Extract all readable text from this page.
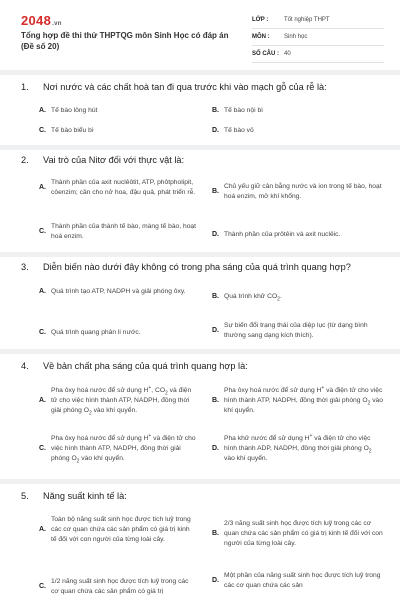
2048.vn
Tổng hợp đề thi thử THPTQG môn Sinh Học có đáp án (Đề số 20)
LỚP :	Tốt nghiệp THPT
MÔN :	Sinh học
SỐ CÂU : 40
1. Nơi nước và các chất hoà tan đi qua trước khi vào mạch gỗ của rễ là:
A. Tế bào lông hút	B. Tế bào nội bì
C. Tế bào biểu bì	D. Tế bào vỏ
2. Vai trò của Nitơ đối với thực vật là:
A.
Thành phần của axit nuclêôtit, ATP, phôtpholipit, côenzim; cần cho nở hoa, đậu quả, phát triển rễ. B.
Chủ yếu giữ cân bằng nước và ion trong tế bào, hoạt hoá enzim, mở khí khổng.
C.
Thành phần của thành tế bào, màng tế bào, hoạt hoá enzim.	D. Thành phần của prôtêin và axit nuclêic.
3. Diễn biến nào dưới đây không có trong pha sáng của quá trình quang hợp?
A. Quá trình tạo ATP, NADPH và giải phóng ôxy.
B. Quá trình khử $CO_2$.
C. Quá trình quang phân li nước.	D.
Sự biến đổi trạng thái của diệp lục (từ dạng bình thường sang dạng kích thích).
4. Về bản chất pha sáng của quá trình quang hợp là:
A.
Pha ôxy hoá nước để sử dụng H+, $CO_2$ và điện tử cho việc hình thành ATP, NADPH, đồng thời giải phóng $O_2$ vào khí quyển.
B.
Pha ôxy hoá nước để sử dụng H+ và điện tử cho việc hình thành ATP, NADPH, đồng thời giải phóng $O_2$ vào khí quyển.
C.
Pha ôxy hoá nước để sử dụng H+ và điện tử cho việc hình thành ATP, NADPH, đồng thời giải phóng $O_2$ vào khí quyển.
D.
Pha khử nước để sử dụng H+ và điện tử cho việc hình thành ADP, NADPH, đồng thời giải phóng $O_2$ vào khí quyển.
5. Năng suất kinh tế là:
A.
Toàn bộ năng suất sinh học được tích luỹ trong các cơ quan chứa các sản phẩm có giá trị kinh tế đối với con người của từng loài cây.
B.
2/3 năng suất sinh học được tích luỹ trong các cơ quan chứa các sản phẩm có giá trị kinh tế đối với con người của từng loài cây.
C.
1/2 năng suất sinh học được tích luỹ trong các cơ quan chứa các sản phẩm có giá trị
D.
Một phần của năng suất sinh học được tích luỹ trong các cơ quan chứa các sản
